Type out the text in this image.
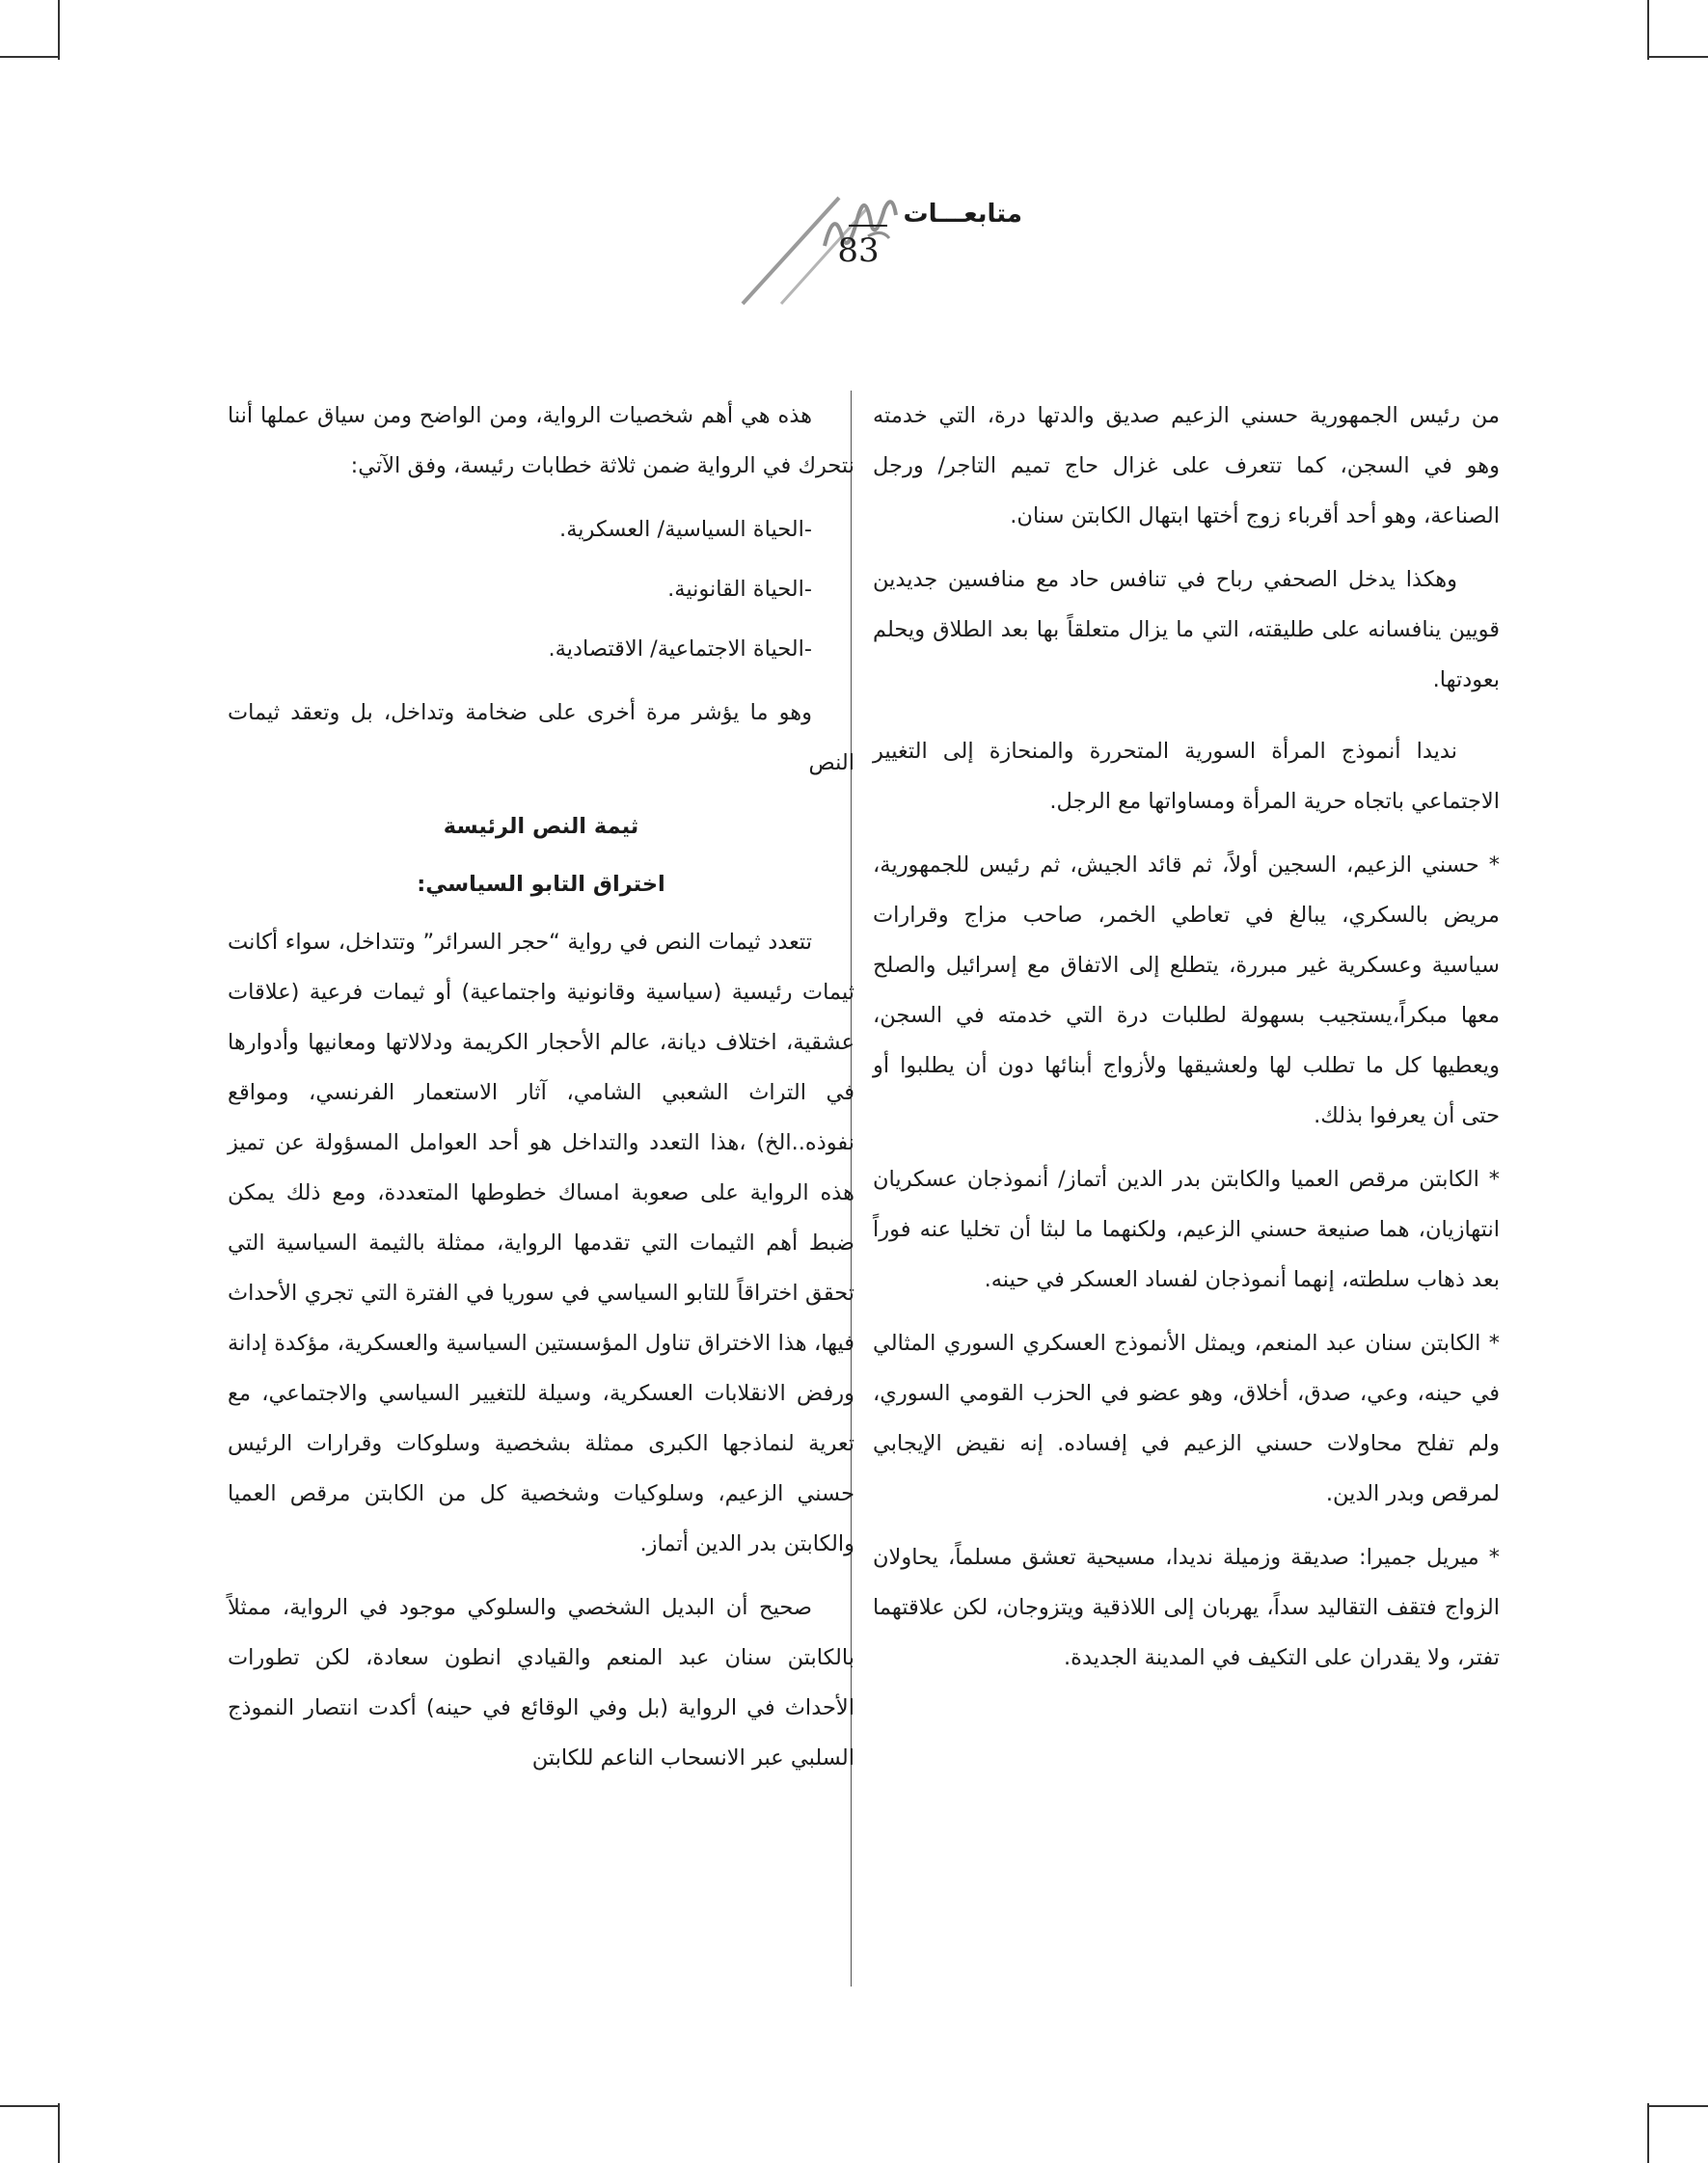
متابعـــات
83

من رئيس الجمهورية حسني الزعيم صديق والدتها درة، التي خدمته وهو في السجن، كما تتعرف على غزال حاج تميم التاجر/ ورجل الصناعة، وهو أحد أقرباء زوج أختها ابتهال الكابتن سنان.

وهكذا يدخل الصحفي رباح في تنافس حاد مع منافسين جديدين قويين ينافسانه على طليقته، التي ما يزال متعلقاً بها بعد الطلاق ويحلم بعودتها.

نديدا أنموذج المرأة السورية المتحررة والمنحازة إلى التغيير الاجتماعي باتجاه حرية المرأة ومساواتها مع الرجل.

* حسني الزعيم، السجين أولاً، ثم قائد الجيش، ثم رئيس للجمهورية، مريض بالسكري، يبالغ في تعاطي الخمر، صاحب مزاج وقرارات سياسية وعسكرية غير مبررة، يتطلع إلى الاتفاق مع إسرائيل والصلح معها مبكراً،يستجيب بسهولة لطلبات درة التي خدمته في السجن، ويعطيها كل ما تطلب لها ولعشيقها ولأزواج أبنائها دون أن يطلبوا أو حتى أن يعرفوا بذلك.

* الكابتن مرقص العميا والكابتن بدر الدين أتماز/ أنموذجان عسكريان انتهازيان، هما صنيعة حسني الزعيم، ولكنهما ما لبثا أن تخليا عنه فوراً بعد ذهاب سلطته، إنهما أنموذجان لفساد العسكر في حينه.

* الكابتن سنان عبد المنعم، ويمثل الأنموذج العسكري السوري المثالي في حينه، وعي، صدق، أخلاق، وهو عضو في الحزب القومي السوري، ولم تفلح محاولات حسني الزعيم في إفساده. إنه نقيض الإيجابي لمرقص وبدر الدين.

* ميريل جميرا: صديقة وزميلة نديدا، مسيحية تعشق مسلماً، يحاولان الزواج فتقف التقاليد سداً، يهربان إلى اللاذقية ويتزوجان، لكن علاقتهما تفتر، ولا يقدران على التكيف في المدينة الجديدة.

هذه هي أهم شخصيات الرواية، ومن الواضح ومن سياق عملها أننا نتحرك في الرواية ضمن ثلاثة خطابات رئيسة، وفق الآتي:

-الحياة السياسية/ العسكرية.
-الحياة القانونية.
-الحياة الاجتماعية/ الاقتصادية.

وهو ما يؤشر مرة أخرى على ضخامة وتداخل، بل وتعقد ثيمات النص

ثيمة النص الرئيسة
اختراق التابو السياسي:

تتعدد ثيمات النص في رواية “حجر السرائر” وتتداخل، سواء أكانت ثيمات رئيسية (سياسية وقانونية واجتماعية) أو ثيمات فرعية (علاقات عشقية، اختلاف ديانة، عالم الأحجار الكريمة ودلالاتها ومعانيها وأدوارها في التراث الشعبي الشامي، آثار الاستعمار الفرنسي، ومواقع نفوذه..الخ) ،هذا التعدد والتداخل هو أحد العوامل المسؤولة عن تميز هذه الرواية على صعوبة امساك خطوطها المتعددة، ومع ذلك يمكن ضبط أهم الثيمات التي تقدمها الرواية، ممثلة بالثيمة السياسية التي تحقق اختراقاً للتابو السياسي في سوريا في الفترة التي تجري الأحداث فيها، هذا الاختراق تناول المؤسستين السياسية والعسكرية، مؤكدة إدانة ورفض الانقلابات العسكرية، وسيلة للتغيير السياسي والاجتماعي، مع تعرية لنماذجها الكبرى ممثلة بشخصية وسلوكات وقرارات الرئيس حسني الزعيم، وسلوكيات وشخصية كل من الكابتن مرقص العميا والكابتن بدر الدين أتماز.

صحيح أن البديل الشخصي والسلوكي موجود في الرواية، ممثلاً بالكابتن سنان عبد المنعم والقيادي انطون سعادة، لكن تطورات الأحداث في الرواية (بل وفي الوقائع في حينه) أكدت انتصار النموذج السلبي عبر الانسحاب الناعم للكابتن
